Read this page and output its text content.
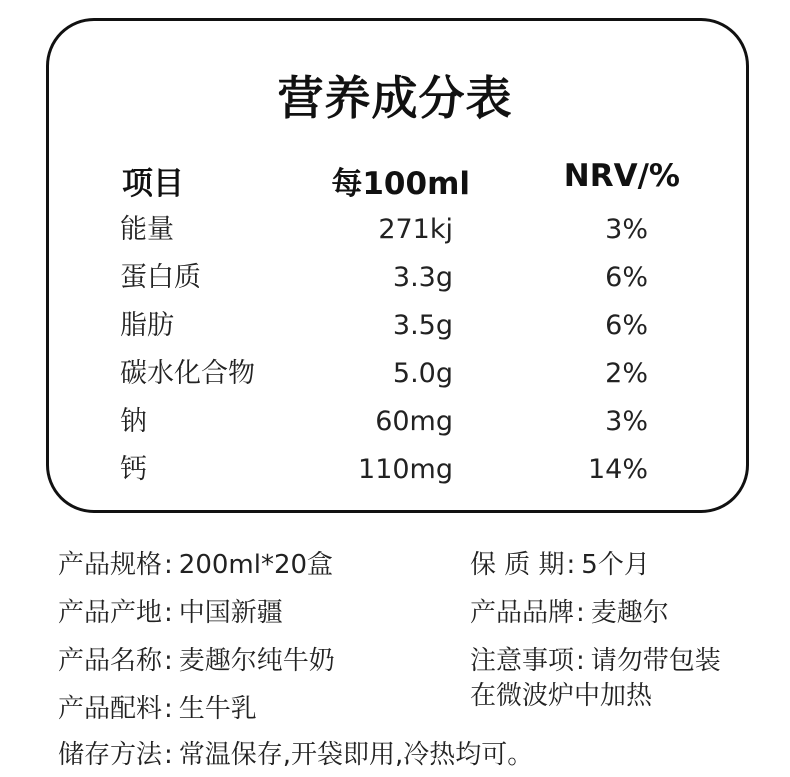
营养成分表
项目	每100ml	NRV/%
能量	271kj	3%
蛋白质	3.3g	6%
脂肪	3.5g	6%
碳水化合物	5.0g	2%
钠	60mg	3%
钙	110mg	14%
产品规格: 200ml*20盒	保 质 期: 5个月
产品产地: 中国新疆	产品品牌: 麦趣尔
产品名称: 麦趣尔纯牛奶	注意事项: 请勿带包装
在微波炉中加热
产品配料: 生牛乳
储存方法: 常温保存,开袋即用,冷热均可。
